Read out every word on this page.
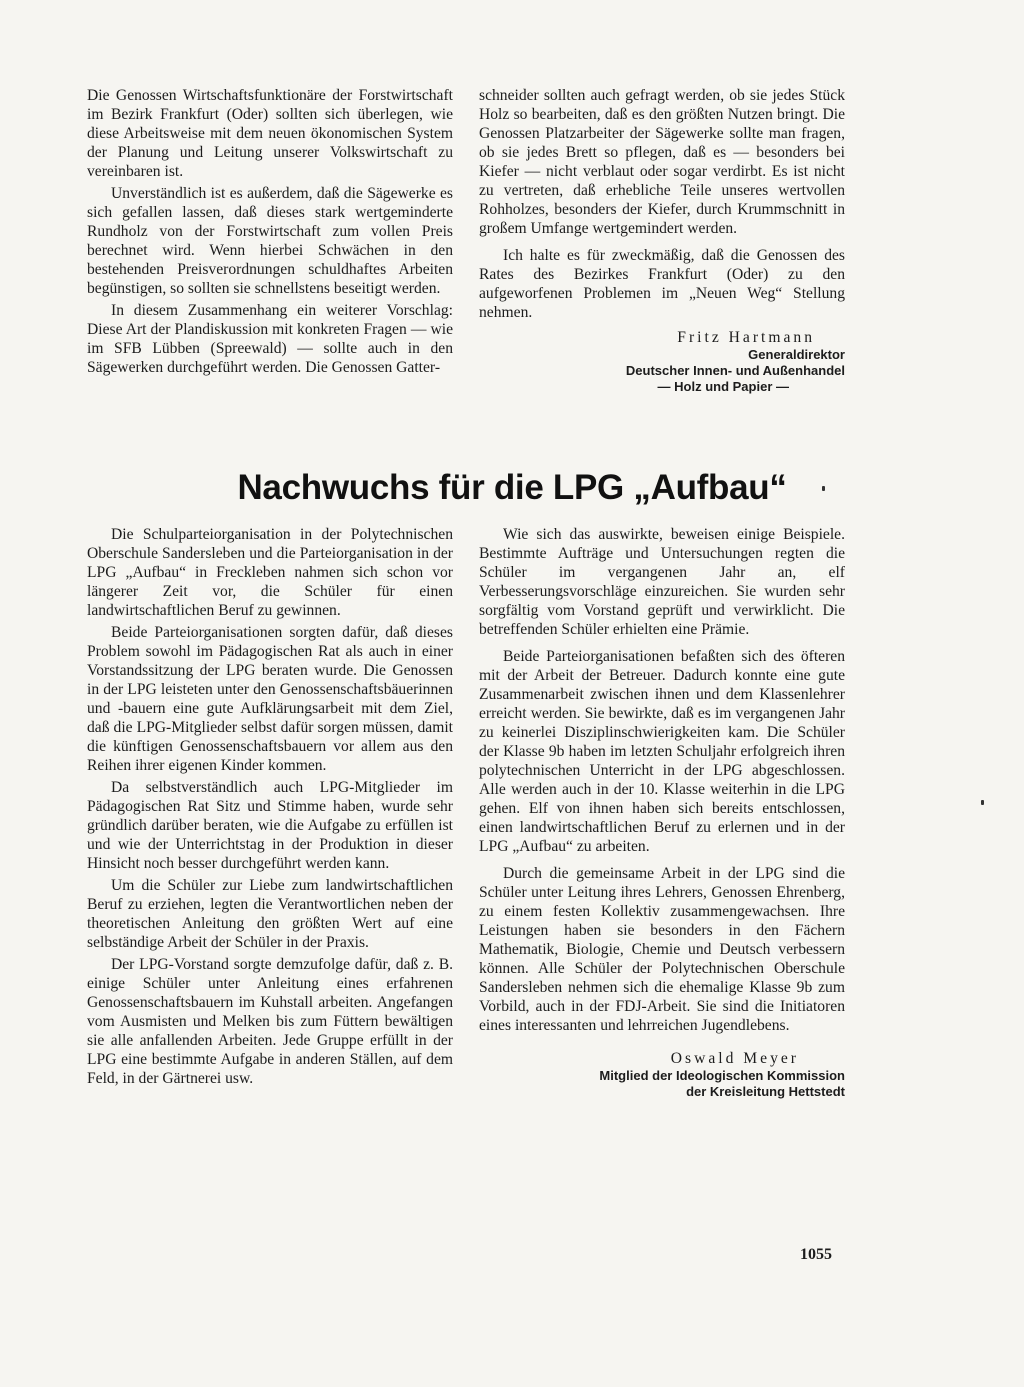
Die Genossen Wirtschaftsfunktionäre der Forstwirtschaft im Bezirk Frankfurt (Oder) sollten sich überlegen, wie diese Arbeitsweise mit dem neuen ökonomischen System der Planung und Leitung unserer Volkswirtschaft zu vereinbaren ist.

Unverständlich ist es außerdem, daß die Sägewerke es sich gefallen lassen, daß dieses stark wertgeminderte Rundholz von der Forstwirtschaft zum vollen Preis berechnet wird. Wenn hierbei Schwächen in den bestehenden Preisverordnungen schuldhaftes Arbeiten begünstigen, so sollten sie schnellstens beseitigt werden.

In diesem Zusammenhang ein weiterer Vorschlag: Diese Art der Plandiskussion mit konkreten Fragen — wie im SFB Lübben (Spreewald) — sollte auch in den Sägewerken durchgeführt werden. Die Genossen Gatter-

schneider sollten auch gefragt werden, ob sie jedes Stück Holz so bearbeiten, daß es den größten Nutzen bringt. Die Genossen Platzarbeiter der Sägewerke sollte man fragen, ob sie jedes Brett so pflegen, daß es — besonders bei Kiefer — nicht verblaut oder sogar verdirbt. Es ist nicht zu vertreten, daß erhebliche Teile unseres wertvollen Rohholzes, besonders der Kiefer, durch Krummschnitt in großem Umfange wertgemindert werden.

Ich halte es für zweckmäßig, daß die Genossen des Rates des Bezirkes Frankfurt (Oder) zu den aufgeworfenen Problemen im „Neuen Weg“ Stellung nehmen.

Fritz Hartmann
Generaldirektor
Deutscher Innen- und Außenhandel
— Holz und Papier —
Nachwuchs für die LPG „Aufbau“

Die Schulparteiorganisation in der Polytechnischen Oberschule Sandersleben und die Parteiorganisation in der LPG „Aufbau“ in Freckleben nahmen sich schon vor längerer Zeit vor, die Schüler für einen landwirtschaftlichen Beruf zu gewinnen.

Beide Parteiorganisationen sorgten dafür, daß dieses Problem sowohl im Pädagogischen Rat als auch in einer Vorstandssitzung der LPG beraten wurde. Die Genossen in der LPG leisteten unter den Genossenschaftsbäuerinnen und -bauern eine gute Aufklärungsarbeit mit dem Ziel, daß die LPG-Mitglieder selbst dafür sorgen müssen, damit die künftigen Genossenschaftsbauern vor allem aus den Reihen ihrer eigenen Kinder kommen.

Da selbstverständlich auch LPG-Mitglieder im Pädagogischen Rat Sitz und Stimme haben, wurde sehr gründlich darüber beraten, wie die Aufgabe zu erfüllen ist und wie der Unterrichtstag in der Produktion in dieser Hinsicht noch besser durchgeführt werden kann.

Um die Schüler zur Liebe zum landwirtschaftlichen Beruf zu erziehen, legten die Verantwortlichen neben der theoretischen Anleitung den größten Wert auf eine selbständige Arbeit der Schüler in der Praxis.

Der LPG-Vorstand sorgte demzufolge dafür, daß z. B. einige Schüler unter Anleitung eines erfahrenen Genossenschaftsbauern im Kuhstall arbeiten. Angefangen vom Ausmisten und Melken bis zum Füttern bewältigen sie alle anfallenden Arbeiten. Jede Gruppe erfüllt in der LPG eine bestimmte Aufgabe in anderen Ställen, auf dem Feld, in der Gärtnerei usw.

Wie sich das auswirkte, beweisen einige Beispiele. Bestimmte Aufträge und Untersuchungen regten die Schüler im vergangenen Jahr an, elf Verbesserungsvorschläge einzureichen. Sie wurden sehr sorgfältig vom Vorstand geprüft und verwirklicht. Die betreffenden Schüler erhielten eine Prämie.

Beide Parteiorganisationen befaßten sich des öfteren mit der Arbeit der Betreuer. Dadurch konnte eine gute Zusammenarbeit zwischen ihnen und dem Klassenlehrer erreicht werden. Sie bewirkte, daß es im vergangenen Jahr zu keinerlei Disziplinschwierigkeiten kam. Die Schüler der Klasse 9b haben im letzten Schuljahr erfolgreich ihren polytechnischen Unterricht in der LPG abgeschlossen. Alle werden auch in der 10. Klasse weiterhin in die LPG gehen. Elf von ihnen haben sich bereits entschlossen, einen landwirtschaftlichen Beruf zu erlernen und in der LPG „Aufbau“ zu arbeiten.

Durch die gemeinsame Arbeit in der LPG sind die Schüler unter Leitung ihres Lehrers, Genossen Ehrenberg, zu einem festen Kollektiv zusammengewachsen. Ihre Leistungen haben sie besonders in den Fächern Mathematik, Biologie, Chemie und Deutsch verbessern können. Alle Schüler der Polytechnischen Oberschule Sandersleben nehmen sich die ehemalige Klasse 9b zum Vorbild, auch in der FDJ-Arbeit. Sie sind die Initiatoren eines interessanten und lehrreichen Jugendlebens.

Oswald Meyer
Mitglied der Ideologischen Kommission
der Kreisleitung Hettstedt
1055
